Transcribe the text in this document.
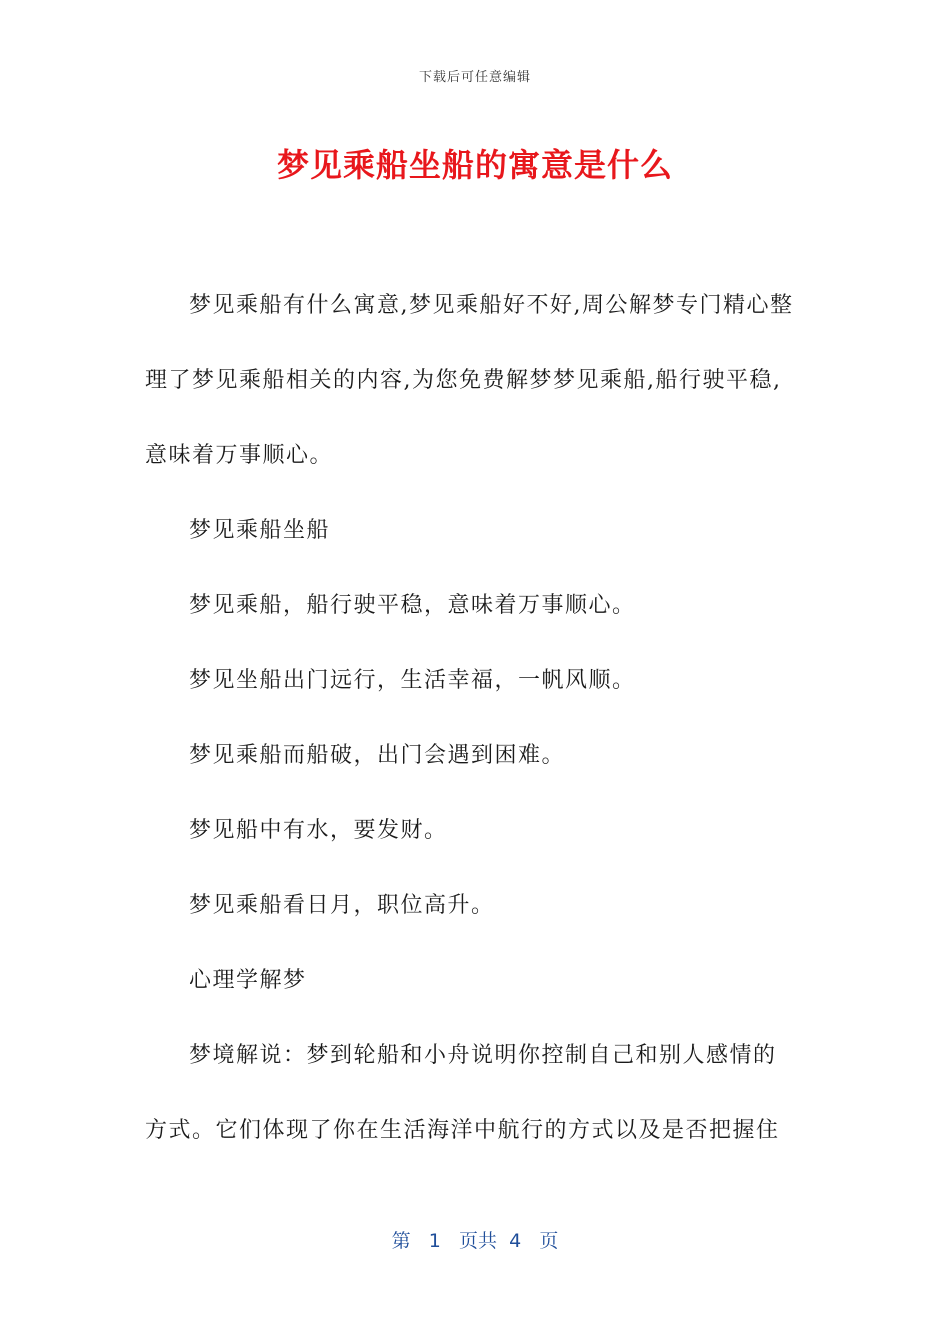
下载后可任意编辑
梦见乘船坐船的寓意是什么

梦见乘船有什么寓意,梦见乘船好不好,周公解梦专门精心整理了梦见乘船相关的内容,为您免费解梦梦见乘船,船行驶平稳,意味着万事顺心。

梦见乘船坐船

梦见乘船，船行驶平稳，意味着万事顺心。

梦见坐船出门远行，生活幸福，一帆风顺。

梦见乘船而船破，出门会遇到困难。

梦见船中有水，要发财。

梦见乘船看日月，职位高升。

心理学解梦

梦境解说：梦到轮船和小舟说明你控制自己和别人感情的方式。它们体现了你在生活海洋中航行的方式以及是否把握住

第 1 页共 4 页
